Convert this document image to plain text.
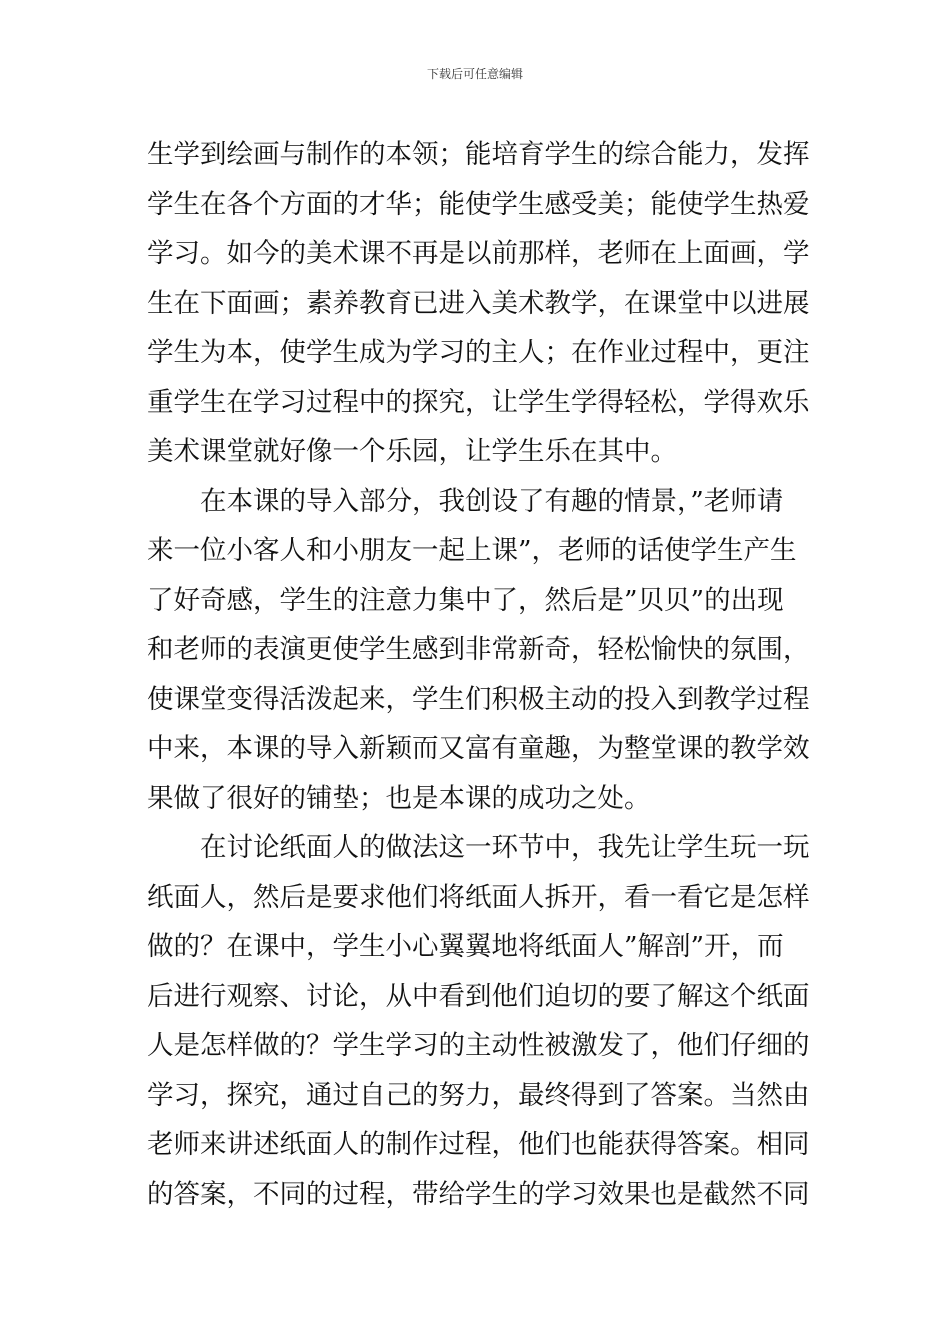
下载后可任意编辑
生学到绘画与制作的本领；能培育学生的综合能力，发挥
学生在各个方面的才华；能使学生感受美；能使学生热爱
学习。如今的美术课不再是以前那样，老师在上面画，学
生在下面画；素养教育已进入美术教学，在课堂中以进展
学生为本，使学生成为学习的主人；在作业过程中，更注
重学生在学习过程中的探究，让学生学得轻松，学得欢乐
美术课堂就好像一个乐园，让学生乐在其中。
　　在本课的导入部分，我创设了有趣的情景，”老师请
来一位小客人和小朋友一起上课”，老师的话使学生产生
了好奇感，学生的注意力集中了，然后是”贝贝”的出现
和老师的表演更使学生感到非常新奇，轻松愉快的氛围，
使课堂变得活泼起来，学生们积极主动的投入到教学过程
中来，本课的导入新颖而又富有童趣，为整堂课的教学效
果做了很好的铺垫；也是本课的成功之处。
　　在讨论纸面人的做法这一环节中，我先让学生玩一玩
纸面人，然后是要求他们将纸面人拆开，看一看它是怎样
做的？在课中，学生小心翼翼地将纸面人”解剖”开，而
后进行观察、讨论，从中看到他们迫切的要了解这个纸面
人是怎样做的？学生学习的主动性被激发了，他们仔细的
学习，探究，通过自己的努力，最终得到了答案。当然由
老师来讲述纸面人的制作过程，他们也能获得答案。相同
的答案，不同的过程，带给学生的学习效果也是截然不同
